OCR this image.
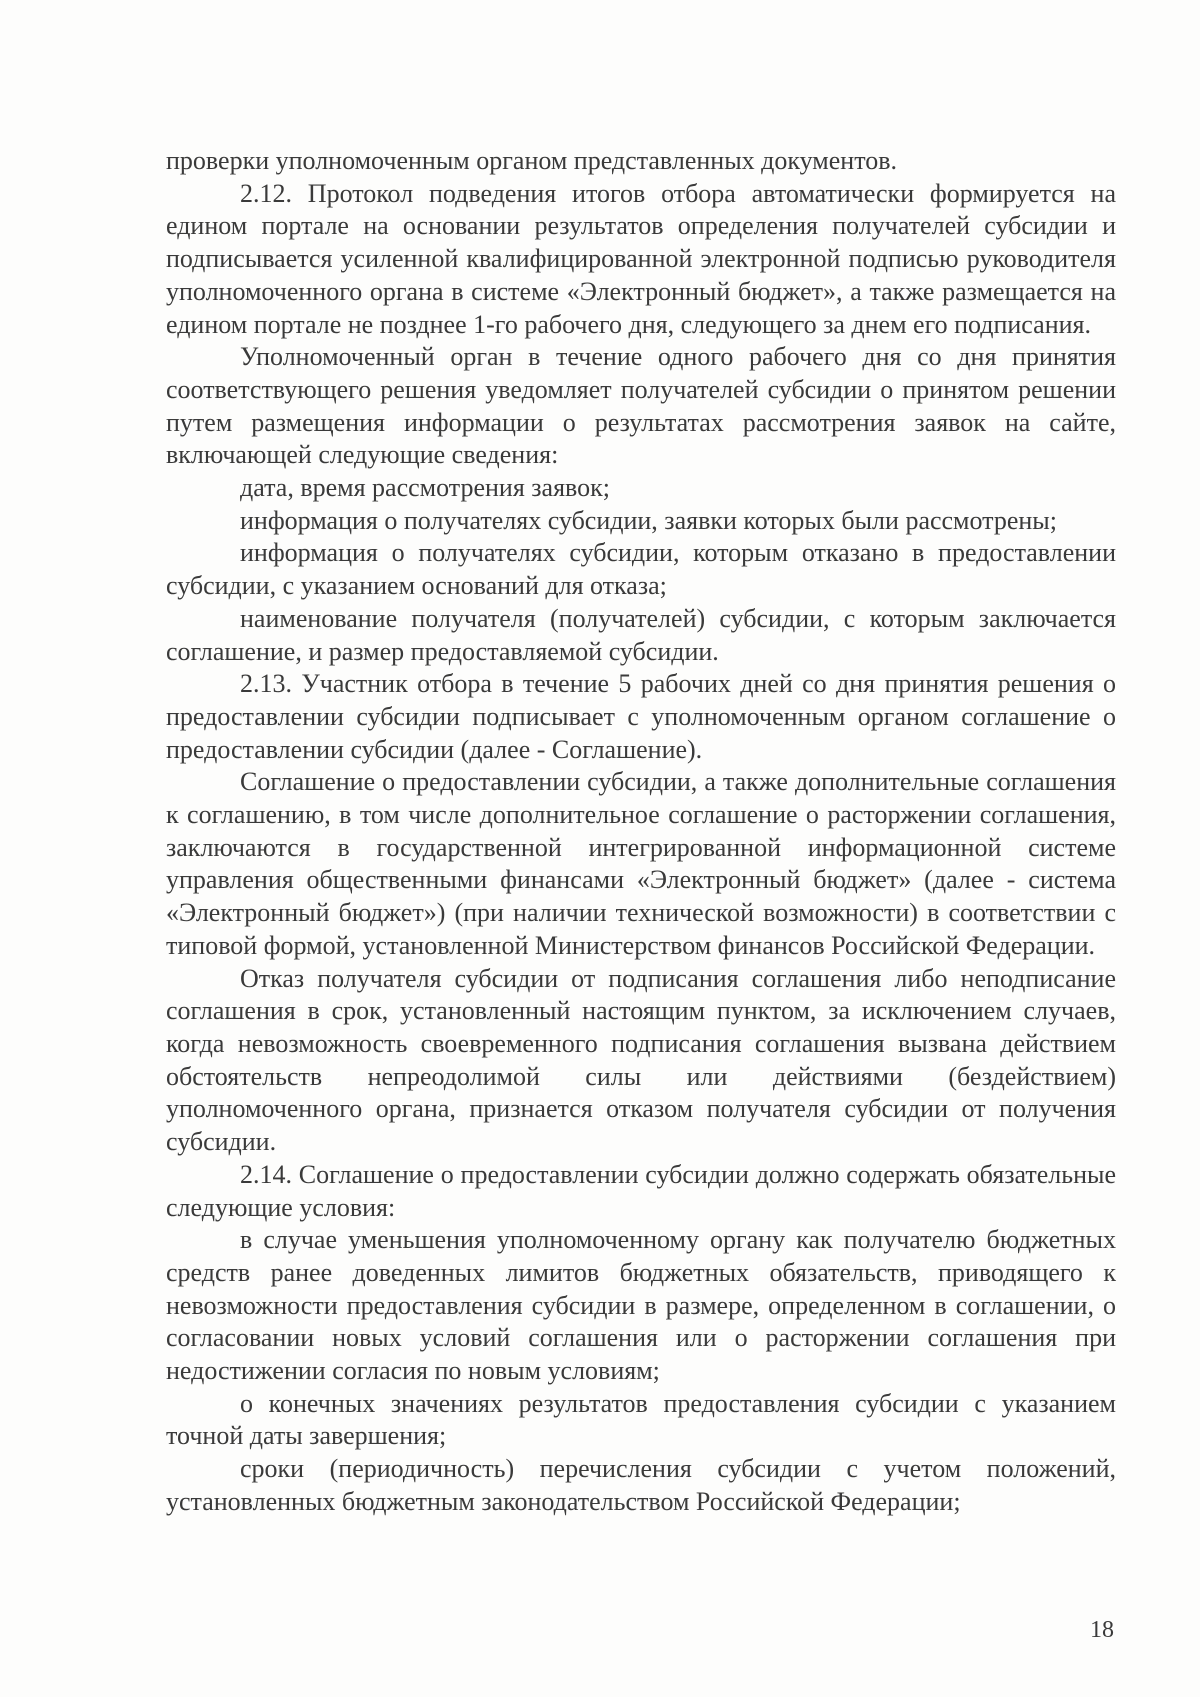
проверки уполномоченным органом представленных документов.

2.12. Протокол подведения итогов отбора автоматически формируется на едином портале на основании результатов определения получателей субсидии и подписывается усиленной квалифицированной электронной подписью руководителя уполномоченного органа в системе «Электронный бюджет», а также размещается на едином портале не позднее 1-го рабочего дня, следующего за днем его подписания.

Уполномоченный орган в течение одного рабочего дня со дня принятия соответствующего решения уведомляет получателей субсидии о принятом решении путем размещения информации о результатах рассмотрения заявок на сайте, включающей следующие сведения:

дата, время рассмотрения заявок;

информация о получателях субсидии, заявки которых были рассмотрены;

информация о получателях субсидии, которым отказано в предоставлении субсидии, с указанием оснований для отказа;

наименование получателя (получателей) субсидии, с которым заключается соглашение, и размер предоставляемой субсидии.

2.13. Участник отбора в течение 5 рабочих дней со дня принятия решения о предоставлении субсидии подписывает с уполномоченным органом соглашение о предоставлении субсидии (далее - Соглашение).

Соглашение о предоставлении субсидии, а также дополнительные соглашения к соглашению, в том числе дополнительное соглашение о расторжении соглашения, заключаются в государственной интегрированной информационной системе управления общественными финансами «Электронный бюджет» (далее - система «Электронный бюджет») (при наличии технической возможности) в соответствии с типовой формой, установленной Министерством финансов Российской Федерации.

Отказ получателя субсидии от подписания соглашения либо неподписание соглашения в срок, установленный настоящим пунктом, за исключением случаев, когда невозможность своевременного подписания соглашения вызвана действием обстоятельств непреодолимой силы или действиями (бездействием) уполномоченного органа, признается отказом получателя субсидии от получения субсидии.

2.14. Соглашение о предоставлении субсидии должно содержать обязательные следующие условия:

в случае уменьшения уполномоченному органу как получателю бюджетных средств ранее доведенных лимитов бюджетных обязательств, приводящего к невозможности предоставления субсидии в размере, определенном в соглашении, о согласовании новых условий соглашения или о расторжении соглашения при недостижении согласия по новым условиям;

о конечных значениях результатов предоставления субсидии с указанием точной даты завершения;

сроки (периодичность) перечисления субсидии с учетом положений, установленных бюджетным законодательством Российской Федерации;

18
